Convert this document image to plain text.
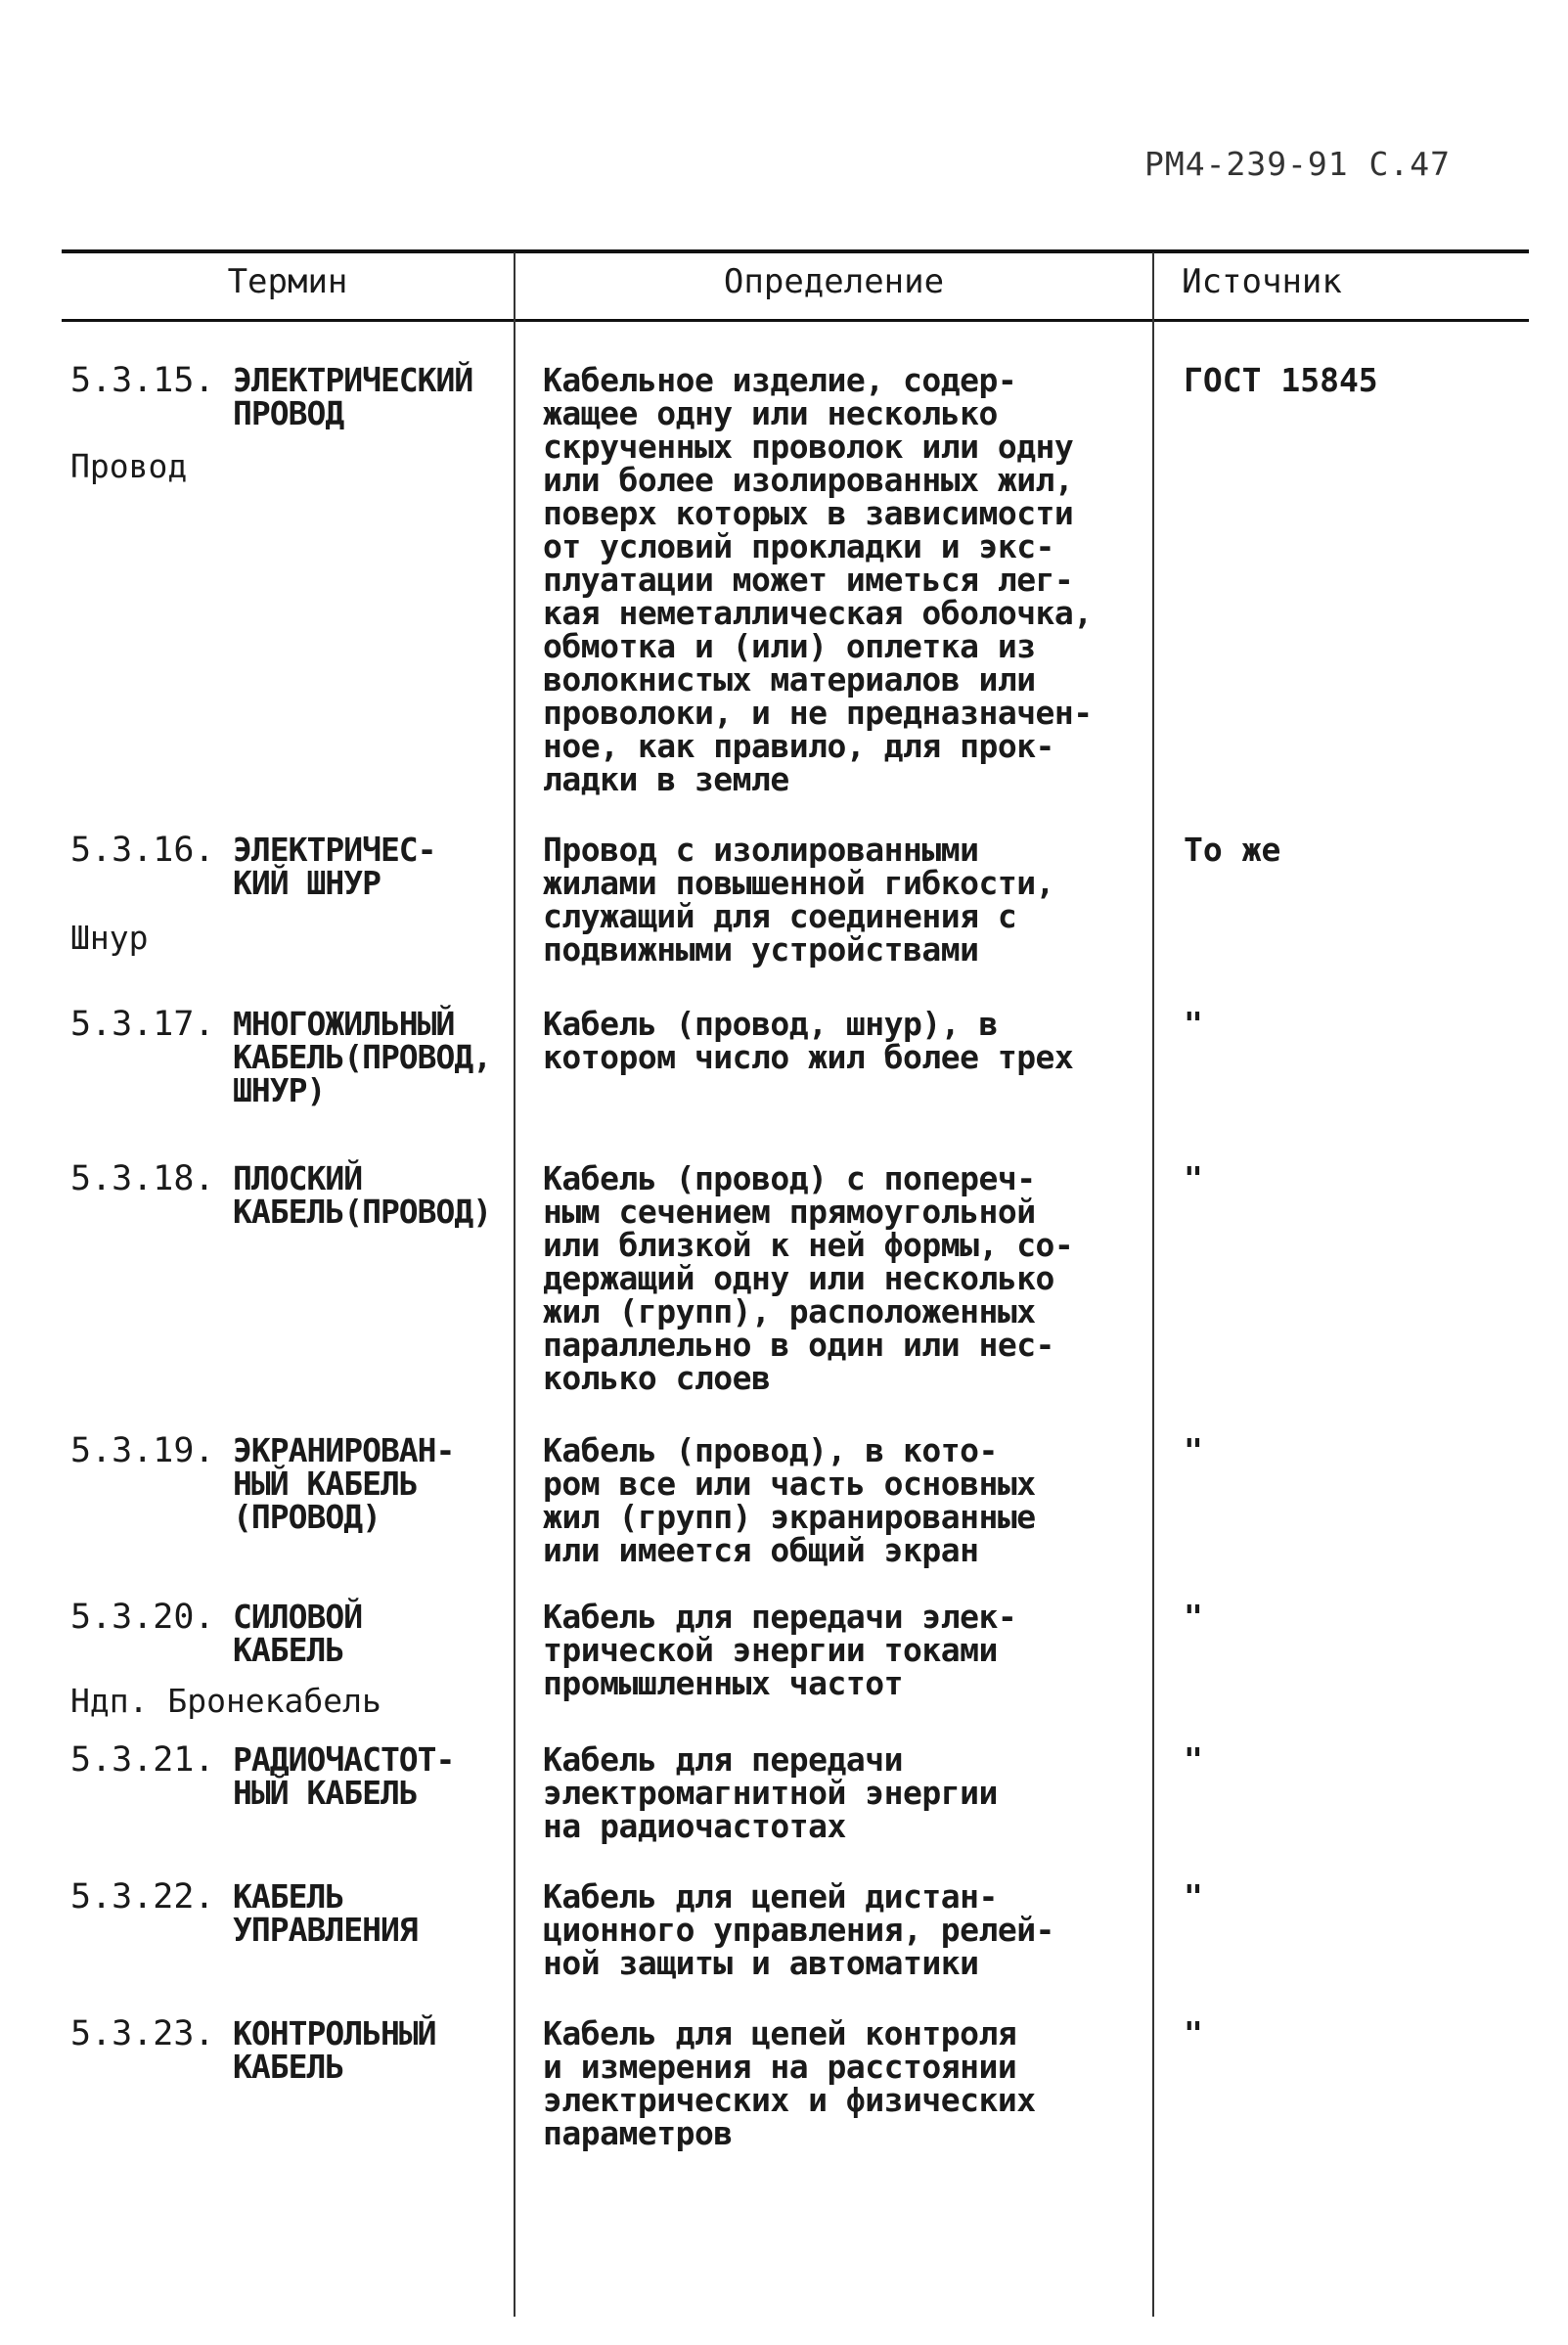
РМ4-239-91 С.47
Термин	Определение	Источник
5.3.15. ЭЛЕКТРИЧЕСКИЙ
ПРОВОД
Провод
Кабельное изделие, содер-
жащее одну или несколько
скрученных проволок или одну
или более изолированных жил,
поверх которых в зависимости
от условий прокладки и экс-
плуатации может иметься лег-
кая неметаллическая оболочка,
обмотка и (или) оплетка из
волокнистых материалов или
проволоки, и не предназначен-
ное, как правило, для прок-
ладки в земле
ГОСТ 15845
5.3.16. ЭЛЕКТРИЧЕС-
КИЙ ШНУР
Шнур
Провод с изолированными
жилами повышенной гибкости,
служащий для соединения с
подвижными устройствами
То же
5.3.17. МНОГОЖИЛЬНЫЙ
КАБЕЛЬ(ПРОВОД,
ШНУР)
Кабель (провод, шнур), в
котором число жил более трех
"
5.3.18. ПЛОСКИЙ
КАБЕЛЬ(ПРОВОД)
Кабель (провод) с попереч-
ным сечением прямоугольной
или близкой к ней формы, со-
держащий одну или несколько
жил (групп), расположенных
параллельно в один или нес-
колько слоев
"
5.3.19. ЭКРАНИРОВАН-
НЫЙ КАБЕЛЬ
(ПРОВОД)
Кабель (провод), в кото-
ром все или часть основных
жил (групп) экранированные
или имеется общий экран
"
5.3.20. СИЛОВОЙ
КАБЕЛЬ
Ндп. Бронекабель
Кабель для передачи элек-
трической энергии токами
промышленных частот
"
5.3.21. РАДИОЧАСТОТ-
НЫЙ КАБЕЛЬ
Кабель для передачи
электромагнитной энергии
на радиочастотах
"
5.3.22. КАБЕЛЬ
УПРАВЛЕНИЯ
Кабель для цепей дистан-
ционного управления, релей-
ной защиты и автоматики
"
5.3.23. КОНТРОЛЬНЫЙ
КАБЕЛЬ
Кабель для цепей контроля
и измерения на расстоянии
электрических и физических
параметров
"
